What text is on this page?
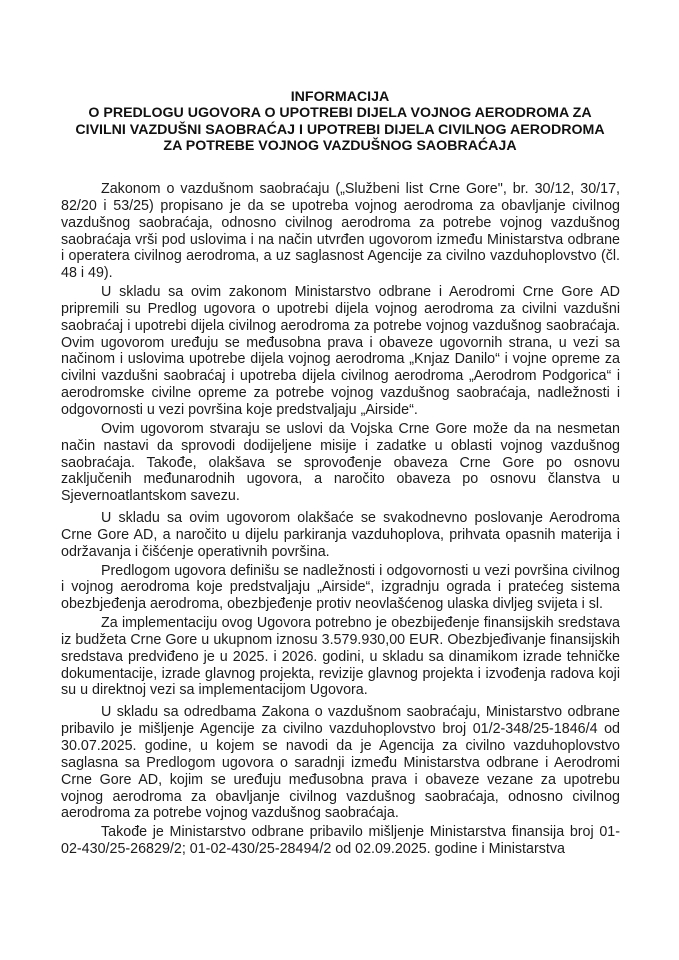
INFORMACIJA
O PREDLOGU UGOVORA O UPOTREBI DIJELA VOJNOG AERODROMA ZA
CIVILNI VAZDUŠNI SAOBRAĆAJ I UPOTREBI DIJELA CIVILNOG AERODROMA
ZA POTREBE VOJNOG VAZDUŠNOG SAOBRAĆAJA

Zakonom o vazdušnom saobraćaju („Službeni list Crne Gore", br. 30/12, 30/17, 82/20 i 53/25) propisano je da se upotreba vojnog aerodroma za obavljanje civilnog vazdušnog saobraćaja, odnosno civilnog aerodroma za potrebe vojnog vazdušnog saobraćaja vrši pod uslovima i na način utvrđen ugovorom između Ministarstva odbrane i operatera civilnog aerodroma, a uz saglasnost Agencije za civilno vazduhoplovstvo (čl. 48 i 49).

U skladu sa ovim zakonom Ministarstvo odbrane i Aerodromi Crne Gore AD pripremili su Predlog ugovora o upotrebi dijela vojnog aerodroma za civilni vazdušni saobraćaj i upotrebi dijela civilnog aerodroma za potrebe vojnog vazdušnog saobraćaja. Ovim ugovorom uređuju se međusobna prava i obaveze ugovornih strana, u vezi sa načinom i uslovima upotrebe dijela vojnog aerodroma „Knjaz Danilo“ i vojne opreme za civilni vazdušni saobraćaj i upotreba dijela civilnog aerodroma „Aerodrom Podgorica“ i aerodromske civilne opreme za potrebe vojnog vazdušnog saobraćaja, nadležnosti i odgovornosti u vezi površina koje predstvaljaju „Airside“.

Ovim ugovorom stvaraju se uslovi da Vojska Crne Gore može da na nesmetan način nastavi da sprovodi dodijeljene misije i zadatke u oblasti vojnog vazdušnog saobraćaja. Takođe, olakšava se sprovođenje obaveza Crne Gore po osnovu zaključenih međunarodnih ugovora, a naročito obaveza po osnovu članstva u Sjevernoatlantskom savezu.

U skladu sa ovim ugovorom olakšaće se svakodnevno poslovanje Aerodroma Crne Gore AD, a naročito u dijelu parkiranja vazduhoplova, prihvata opasnih materija i održavanja i čišćenje operativnih površina.

Predlogom ugovora definišu se nadležnosti i odgovornosti u vezi površina civilnog i vojnog aerodroma koje predstvaljaju „Airside“, izgradnju ograda i pratećeg sistema obezbjeđenja aerodroma, obezbjeđenje protiv neovlašćenog ulaska divljeg svijeta i sl.

Za implementaciju ovog Ugovora potrebno je obezbijeđenje finansijskih sredstava iz budžeta Crne Gore u ukupnom iznosu 3.579.930,00 EUR. Obezbjeđivanje finansijskih sredstava predviđeno je u 2025. i 2026. godini, u skladu sa dinamikom izrade tehničke dokumentacije, izrade glavnog projekta, revizije glavnog projekta i izvođenja radova koji su u direktnoj vezi sa implementacijom Ugovora.

U skladu sa odredbama Zakona o vazdušnom saobraćaju, Ministarstvo odbrane pribavilo je mišljenje Agencije za civilno vazduhoplovstvo broj 01/2-348/25-1846/4 od 30.07.2025. godine, u kojem se navodi da je Agencija za civilno vazduhoplovstvo saglasna sa Predlogom ugovora o saradnji između Ministarstva odbrane i Aerodromi Crne Gore AD, kojim se uređuju međusobna prava i obaveze vezane za upotrebu vojnog aerodroma za obavljanje civilnog vazdušnog saobraćaja, odnosno civilnog aerodroma za potrebe vojnog vazdušnog saobraćaja.

Takođe je Ministarstvo odbrane pribavilo mišljenje Ministarstva finansija broj 01-02-430/25-26829/2; 01-02-430/25-28494/2 od 02.09.2025. godine i Ministarstva
